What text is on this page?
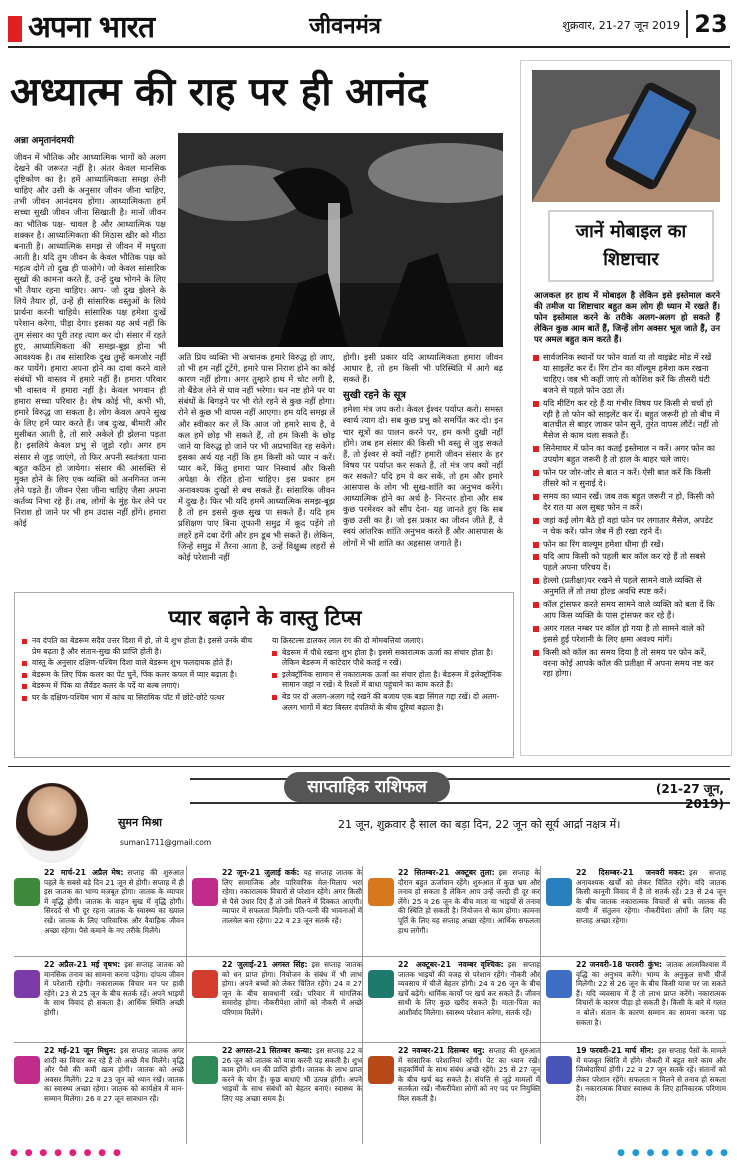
अपना भारत	जीवनमंत्र	शुक्रवार, 21-27 जून 2019 23
अध्यात्म की राह पर ही आनंद
अन्ना अमृतानंदमयी
जीवन में भौतिक और आध्यात्मिक भागों को अलग देखने की जरूरत नहीं है। अंतर केवल मानसिक दृष्टिकोण का है। हमें आध्यात्मिकता समझ लेनी चाहिए और उसी के अनुसार जीवन जीना चाहिए, तभी जीवन आनंदमय होगा। आध्यात्मिकता हमें सच्चा सुखी जीवन जीना सिखाती है। मानों जीवन का भौतिक पक्ष- चावल है और आध्यात्मिक पक्ष शक्कर है। आध्यात्मिकता की मिठास खीर को मीठा बनाती है। आध्यात्मिक समझ से जीवन में मधुरता आती है। यदि तुम जीवन के केवल भौतिक पक्ष को महत्व दोगे तो दुख ही पाओगे। जो केवल सांसारिक सुखों की कामना करते हैं, उन्हें दुख भोगने के लिए भी तैयार रहना चाहिए। आप- जो दुख झेलने के लिये तैयार हों, उन्हें ही सांसारिक वस्तुओं के लिये प्रार्थना करनी चाहिये। सांसारिक पक्ष हमेशा दुःखें परेशान करेगा, पीड़ा देगा। इसका यह अर्थ नहीं कि तुम संसार का पूरी तरह त्याग कर दो। संसार में रहते हुए, आध्यात्मिकता की समझ-बूझ होना भी आवश्यक है। तब सांसारिक दुख तुम्हें कमजोर नहीं कर पायेंगे। हमारा अपना होने का दावा करने वाले संबंधों भी वास्तव में हमारे नहीं हैं। हमारा परिवार भी वास्तव में हमारा नहीं है। केवल भगवान ही हमारा सच्चा परिवार है। शेष कोई भी, कभी भी, हमारे विरुद्ध जा सकता है। लोग केवल अपने सुख के लिए हमें प्यार करते हैं। जब दुःख, बीमारी और मुसीबत आती है, तो सारे अकेले ही झेलना पड़ता है। इसलिये केवल प्रभु से जुड़ो रहो। अगर हम संसार से जुड़ जाएंगे, तो फिर अपनी स्वतंत्रता पाना बहुत कठिन हो जायेगा। संसार की आसक्ति से मुक्त होने के लिए एक व्यक्ति को अनगिनत जन्म लेने पड़ते हैं। जीवन ऐसा जीना चाहिए जैसा अपना कर्तव्य निभा रहे हैं। तब, लोगों के मुंह फेर लेने पर निराश हो जाने पर भी हम उदास नहीं होंगे। हमारा कोई
अति प्रिय व्यक्ति भी अचानक हमारे विरुद्ध हो जाए, तो भी हम नहीं टूटेंगे, हमारे पास निराश होने का कोई कारण नहीं होगा। अगर तुम्हारे हाथ में चोट लगी है, तो बैंडेज लेने से घाव नहीं भरेगा। धन नष्ट होने पर या संबंधों के बिगड़ने पर भी रोते रहने से कुछ नहीं होगा। रोने से कुछ भी वापस नहीं आएगा। हम यदि समझ लें और स्वीकार कर लें कि आज जो हमारे साथ है, वे कल हमें छोड़ भी सकते हैं, तो हम किसी के छोड़ जाने या विरुद्ध हो जाने पर भी अप्रभावित रह सकेंगे। इसका अर्थ यह नहीं कि हम किसी को प्यार न करें। प्यार करें, किंतु हमारा प्यार निस्वार्थ और किसी अपेक्षा के रहित होना चाहिए। इस प्रकार हम अनावश्यक दुःखों से बच सकते हैं। सांसारिक जीवन में दुख है। फिर भी यदि हममें आध्यात्मिक समझ-बूझ है तो हम इससे कुछ सुख पा सकते हैं। यदि हम प्रशिक्षण पाए बिना तूफानी समुद्र में कूद पड़ेंगे तो लहरें हमें दबा देंगी और हम डूब भी सकते हैं। लेकिन, जिन्हें समुद्र में तैरना आता है, उन्हें विक्षुब्ध लहरों से कोई परेशानी नहीं
होगी। इसी प्रकार यदि आध्यात्मिकता हमारा जीवन आधार है, तो हम किसी भी परिस्थिति में आगे बढ़ सकते हैं।
सुखी रहने के सूत्र
हमेशा मंत्र जप करो। केवल ईश्वर पर्याप्त करो। समस्त स्वार्थ त्याग दो। सब कुछ प्रभु को समर्पित कर दो। इन चार सूत्रों का पालन करने पर, हम कभी दुखी नहीं होंगे। जब हम संसार की किसी भी वस्तु से जुड़ सकते हैं, तो ईश्वर से क्यों नहीं? हमारी जीवन संसार के हर विषय पर पर्याप्त कर सकते हैं, तो मंत्र जप क्यों नहीं कर सकते? यदि हम ये कर सकें, तो हम और हमारे आसपास के लोग भी सुख-शांति का अनुभव करेंगे। आध्यात्मिक होने का अर्थ है- निरन्तर होना और सब कुछ परमेश्वर को सौंप देना- यह जानते हुए कि सब कुछ उसी का है। जो इस प्रकार का जीवन जीते हैं, वे स्वयं आंतरिक शांति अनुभव करते हैं और आसपास के लोगों में भी शांति का अहसास जगाते हैं।
जानें मोबाइल का
शिष्टाचार
आजकल हर हाथ में मोबाइल है लेकिन इसे इस्तेमाल करने की तमीज या शिष्टाचार बहुत कम लोग ही ध्यान में रखते हैं। फोन इस्तेमाल करने के तरीके अलग-अलग हो सकते हैं लेकिन कुछ आम बातें हैं, जिन्हें लोग अक्सर भूल जाते हैं, उन पर अमल बहुत कम करते हैं।
सार्वजनिक स्थानों पर फोन वार्ता या तो वाइब्रेट मोड में रखें या साइलेंट कर दें। रिंग टोन का वॉल्यूम हमेशा कम रखना चाहिए। जब भी कहीं जाएं तो कोशिश करें कि तीसरी घंटी बजने से पहले फोन उठा लें।
यदि मीटिंग कर रहे हैं या गंभीर विषय पर किसी से चर्चा हो रही है तो फोन को साइलेंट कर दें। बहुत जरूरी हो तो बीच में बातचीत से बाहर जाकर फोन सुनें, तुरंत वापस लौटें। नहीं तो मैसेज से काम चला सकते हैं।
सिनेमाघर में फोन का कतई इस्तेमाल न करें। अगर फोन का उपयोग बहुत जरूरी है तो हाल के बाहर चले जाएं।
फोन पर जोर-जोर से बात न करें। ऐसी बात करें कि किसी तीसरे को न सुनाई दे।
समय का ध्यान रखें। जब तक बहुत जरूरी न हो, किसी को देर रात या अल सुबह फोन न करें।
जहां कई लोग बैठे हों वहां फोन पर लगातार मैसेज, अपडेट न चेक करें। फोन जेब में ही रखा रहने दें।
फोन का रिंग वाल्यूम हमेशा धीमा ही रखें।
यदि आप किसी को पहली बार कॉल कर रहे हैं तो सबसे पहले अपना परिचय दें।
हेल्लो (प्रतीक्षा)पर रखने से पहले सामने वाले व्यक्ति से अनुमति लें तो तथा होल्ड अवधि स्पष्ट करें।
कॉल ट्रांसफर करते समय सामने वाले व्यक्ति को बता दें कि आप किस व्यक्ति के पास ट्रांसफर कर रहे हैं।
अगर गलत नम्बर पर कॉल हो गया है तो सामने वाले को इससे हुई परेशानी के लिए क्षमा अवश्य मांगें।
किसी को कॉल का समय दिया है तो समय पर फोन करें, वरना कोई आपके कॉल की प्रतीक्षा में अपना समय नष्ट कर रहा होगा।
प्यार बढ़ाने के वास्तु टिप्स
नव दंपति का बेडरूम सदैव उत्तर दिशा में हो, तो ये शुभ होता है। इससे उनके बीच प्रेम बढ़ता है और संतान-सुख की प्राप्ति होती है।
वास्तु के अनुसार दक्षिण-पश्चिम दिशा वाले बेडरूम शुभ फलदायक होते हैं।
बेडरूम के लिए पिंक कलर का पेंट चुनें, पिंक कलर कपल में प्यार बढ़ाता है।
बेडरूम में पिंक या लैवेंडर कलर के पर्दे या बल्ब लगाएं।
घर के दक्षिण-पश्चिम भाग में कांच या सिरामिक पॉट में छोटे-छोटे पत्थर
या क्रिस्टल्स डालकर लाल रंग की दो मोमबत्तियां जलाएं।
बेडरूम में पौधे रखना शुभ होता है। इससे सकारात्मक ऊर्जा का संचार होता है। लेकिन बेडरूम में कांटेदार पौधे कतई न रखें।
इलेक्ट्रॉनिक सामान से नकारात्मक ऊर्जा का संचार होता है। बेडरूम में इलेक्ट्रॉनिक सामान जहां न रखें। ये रिश्तों में बाधा पहुंचाने का काम करते हैं।
बेड पर दो अलग-अलग गद्दे रखने की बजाय एक बड़ा सिंगल गद्दा रखें। दो अलग-अलग भागों में बंटा बिस्तर दंपतियों के बीच दूरियां बढ़ाता है।
साप्ताहिक राशिफल	(21-27 जून, 2019)
सुमन मिश्रा
suman1711@gmail.com
21 जून, शुक्रवार है साल का बड़ा दिन, 22 जून को सूर्य आर्द्रा नक्षत्र में।
22 मार्च-21 अप्रैल मेष: सप्ताह की शुरुआत पहले के सबसे बड़े दिन 21 जून से होगी। सप्ताह में ही इस जातक का भाग्य मजबूत होगा। जातक के व्यापार में वृद्धि होगी। जातक के वाहन सुख में वृद्धि होगी। सिरदर्द से भी दूर रहना जातक के स्वास्थ्य का ख्याल रखें। जातक के लिए पारिवारिक और वैवाहिक जीवन अच्छा रहेगा। पैसे कमाने के नए तरीके मिलेंगे।
22 जून-21 जुलाई कर्क: यह सप्ताह जातक के लिए सामाजिक और पारिवारिक मेल-मिलाप भरा रहेगा। नकारात्मक विचारों से परेशान रहेंगे। अगर किसी से पैसे उधार दिए हैं तो उसे मिलने में दिक्कत आएगी। व्यापार में सफलता मिलेगी। पति-पत्नी की भावनाओं में तालमेल बना रहेगा। 22 व 23 जून सतर्क रहें।
22 सितम्बर-21 अक्टूबर तुला: इस सप्ताह के दौरान बहुत ऊर्जावान रहेंगे। शुरुआत में कुछ भ्रम और तनाव हो सकता है लेकिन आप उन्हें जल्दी ही दूर कर लेंगे। 25 व 26 जून के बीच माता या भाइयों से तनाव की स्थिति हो सकती है। नियोजन से काम होगा। कामना पूर्ति के लिए यह सप्ताह अच्छा रहेगा। आर्थिक सफलता हाथ लगेगी।
22 दिसम्बर-21 जनवरी मकर: इस सप्ताह अनावश्यक खर्चों को लेकर चिंतित रहेंगे। यदि जातक किसी कानूनी विवाद में है तो सतर्क रहें। 23 से 24 जून के बीच जातक नकारात्मक विचारों से बचें। जातक की वाणी में संतुलन रहेगा। नौकरीपेशा लोगों के लिए यह सप्ताह अच्छा रहेगा।
22 अप्रैल-21 मई वृषभ: इस सप्ताह जातक को मानसिक तनाव का सामना करना पड़ेगा। दांपत्य जीवन में परेशानी रहेगी। नकारात्मक विचार मन पर हावी रहेंगे। 23 से 25 जून के बीच सतर्क रहें। अपने भाइयों के साथ विवाद हो सकता है। आर्थिक स्थिति अच्छी होगी।
22 जुलाई-21 अगस्त सिंह: इस सप्ताह जातक को धन प्राप्त होगा। नियोजन के संबंध में भी लाभ होगा। अपने बच्चों को लेकर चिंतित रहेंगे। 24 व 27 जून के बीच सावधानी रखें। परिवार में मांगलिक समारोह होगा। नौकरीपेशा लोगों को नौकरी में अच्छे परिणाम मिलेंगे।
22 अक्टूबर-21 नवम्बर वृश्चिक: इस सप्ताह जातक भाइयों की वजह से परेशान रहेंगे। नौकरी और व्यवसाय में चीजें बेहतर होंगी। 24 व 26 जून के बीच खर्चे बढ़ेंगे। धार्मिक कार्यों पर खर्च कर सकते हैं। जीवन साथी के लिए कुछ खरीद सकते हैं। माता-पिता का आशीर्वाद मिलेगा। स्वास्थ्य परेशान करेगा, सतर्क रहें।
22 जनवरी-18 फरवरी कुंभ: जातक आत्मविश्वास में वृद्धि का अनुभव करेंगे। भाग्य के अनुकूल सभी चीजें मिलेंगी। 22 से 26 जून के बीच किसी यात्रा पर जा सकते हैं। यदि व्यवसाय में हैं तो लाभ प्राप्त करेंगे। नकारात्मक विचारों के कारण पीड़ा हो सकती है। किसी के बारे में गलत न बोलें। संतान के कारण सम्मान का सामना करना पड़ सकता है।
22 मई-21 जून मिथुन: इस सप्ताह जातक अगर शादी का विचार कर रहे हैं तो अच्छे मैच मिलेंगे। वृद्धि और पैसे की कमी खत्म होगी। जातक को अच्छे अवसर मिलेंगे। 22 व 23 जून को ध्यान रखें। जातक का स्वास्थ्य अच्छा रहेगा। जातक को कार्यक्षेत्र में मान-सम्मान मिलेगा। 26 व 27 जून सावधान रहें।
22 अगस्त-21 सितम्बर कन्या: इस सप्ताह 22 व 26 जून को जातक को यात्रा करनी पड़ सकती है। शुभ काम होंगे। धन की प्राप्ति होगी। जातक के लाभ प्राप्त करने के योग हैं। कुछ बाधाएं भी उत्पन्न होंगी। अपने भाइयों के साथ संबंधों को बेहतर बनाएं। स्वास्थ्य के लिए यह अच्छा समय है।
22 नवम्बर-21 दिसम्बर धनु: सप्ताह की शुरुआत में सांसारिक परेशानियां रहेंगी। पेट का ध्यान रखें। सहकर्मियों के साथ संबंध अच्छे रहेंगे। 25 से 27 जून के बीच खर्च बढ़ सकते हैं। संपत्ति से जुड़े मामलों में सतर्कता रखें। नौकरीपेशा लोगों को नए पद पर नियुक्ति मिल सकती है।
19 फरवरी-21 मार्च मीन: इस सप्ताह पैसों के मामले में मजबूत स्थिति में होंगे। नौकरी में बहुत सारे काम और जिम्मेदारियां होंगी। 22 व 27 जून सतर्क रहें। संतानों को लेकर परेशान रहेंगे। सफलता न मिलने से तनाव हो सकता है। नकारात्मक विचार स्वास्थ्य के लिए हानिकारक परिणाम देंगे।
● ● ● ● ● ● ● ●	● ● ● ● ● ● ● ●
